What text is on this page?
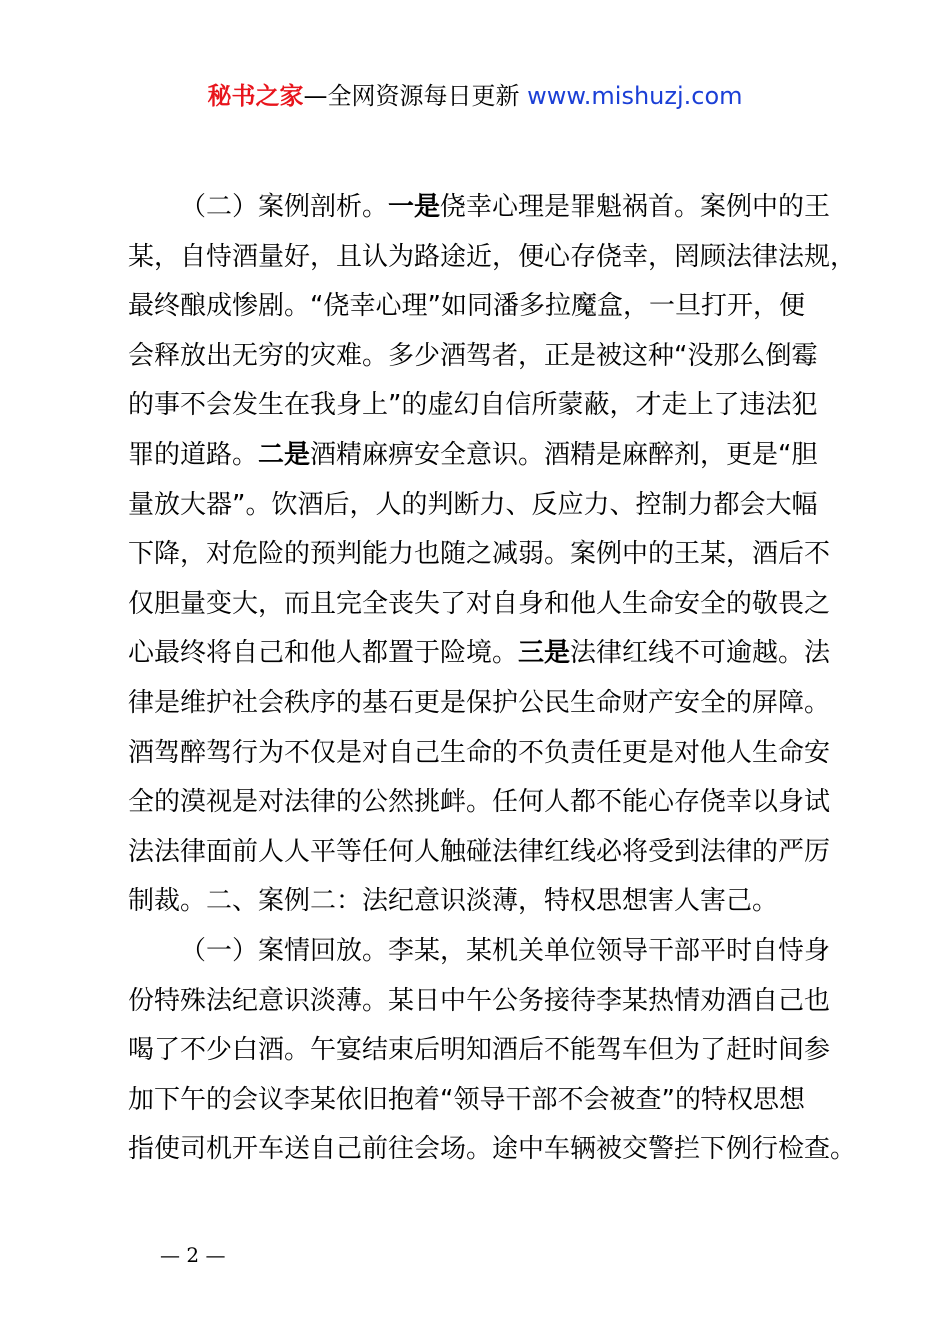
秘书之家—全网资源每日更新 www.mishuzj.com
（二）案例剖析。一是侥幸心理是罪魁祸首。案例中的王
某，自恃酒量好，且认为路途近，便心存侥幸，罔顾法律法规，
最终酿成惨剧。“侥幸心理”如同潘多拉魔盒，一旦打开，便
会释放出无穷的灾难。多少酒驾者，正是被这种“没那么倒霉
的事不会发生在我身上”的虚幻自信所蒙蔽，才走上了违法犯
罪的道路。二是酒精麻痹安全意识。酒精是麻醉剂，更是“胆
量放大器”。饮酒后，人的判断力、反应力、控制力都会大幅
下降，对危险的预判能力也随之减弱。案例中的王某，酒后不
仅胆量变大，而且完全丧失了对自身和他人生命安全的敬畏之
心最终将自己和他人都置于险境。三是法律红线不可逾越。法
律是维护社会秩序的基石更是保护公民生命财产安全的屏障。
酒驾醉驾行为不仅是对自己生命的不负责任更是对他人生命安
全的漠视是对法律的公然挑衅。任何人都不能心存侥幸以身试
法法律面前人人平等任何人触碰法律红线必将受到法律的严厉
制裁。二、案例二：法纪意识淡薄，特权思想害人害己。
（一）案情回放。李某，某机关单位领导干部平时自恃身
份特殊法纪意识淡薄。某日中午公务接待李某热情劝酒自己也
喝了不少白酒。午宴结束后明知酒后不能驾车但为了赶时间参
加下午的会议李某依旧抱着“领导干部不会被查”的特权思想
指使司机开车送自己前往会场。途中车辆被交警拦下例行检查。
— 2 —
